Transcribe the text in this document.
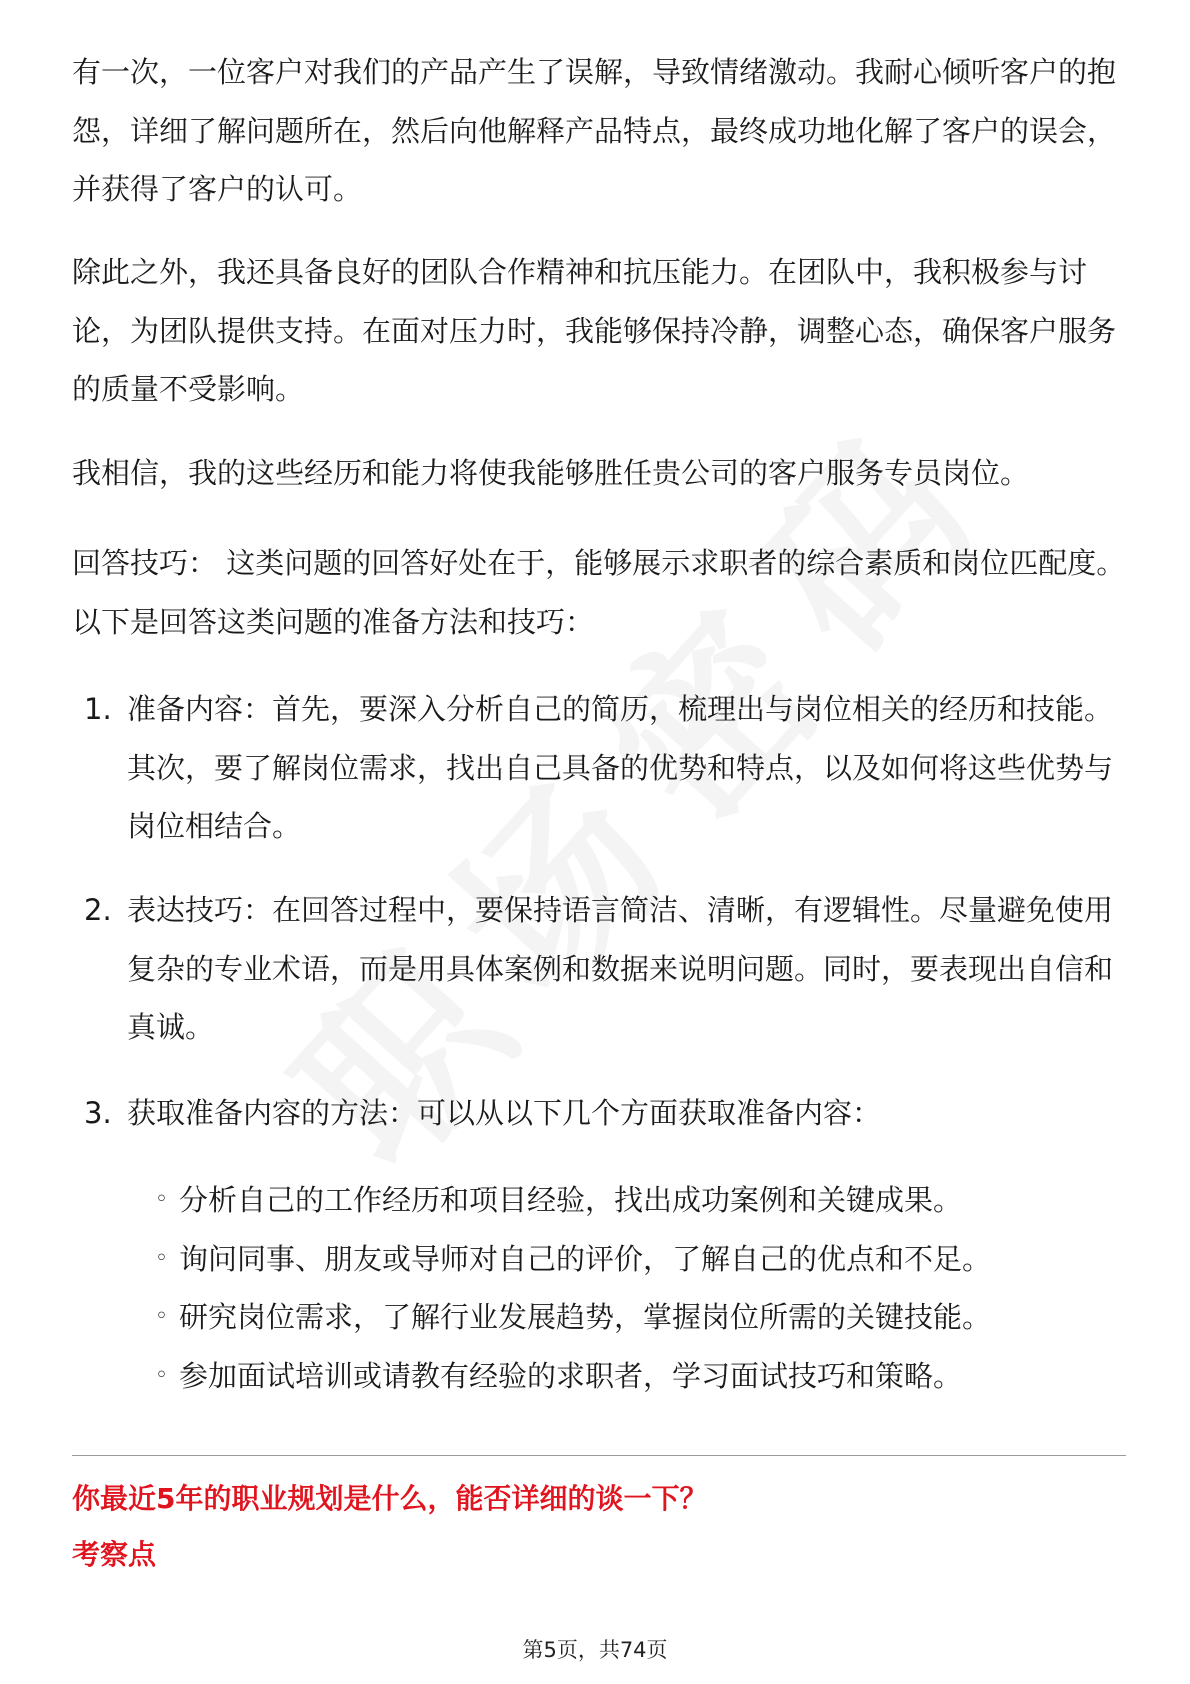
有一次，一位客户对我们的产品产生了误解，导致情绪激动。我耐心倾听客户的抱
怨，详细了解问题所在，然后向他解释产品特点，最终成功地化解了客户的误会，
并获得了客户的认可。
除此之外，我还具备良好的团队合作精神和抗压能力。在团队中，我积极参与讨
论，为团队提供支持。在面对压力时，我能够保持冷静，调整心态，确保客户服务
的质量不受影响。
我相信，我的这些经历和能力将使我能够胜任贵公司的客户服务专员岗位。
回答技巧： 这类问题的回答好处在于，能够展示求职者的综合素质和岗位匹配度。
以下是回答这类问题的准备方法和技巧：
1. 准备内容：首先，要深入分析自己的简历，梳理出与岗位相关的经历和技能。
其次，要了解岗位需求，找出自己具备的优势和特点，以及如何将这些优势与
岗位相结合。
2. 表达技巧：在回答过程中，要保持语言简洁、清晰，有逻辑性。尽量避免使用
复杂的专业术语，而是用具体案例和数据来说明问题。同时，要表现出自信和
真诚。
3. 获取准备内容的方法：可以从以下几个方面获取准备内容：
◦ 分析自己的工作经历和项目经验，找出成功案例和关键成果。
◦ 询问同事、朋友或导师对自己的评价，了解自己的优点和不足。
◦ 研究岗位需求，了解行业发展趋势，掌握岗位所需的关键技能。
◦ 参加面试培训或请教有经验的求职者，学习面试技巧和策略。
你最近5年的职业规划是什么，能否详细的谈一下？
考察点
第5页，共74页
